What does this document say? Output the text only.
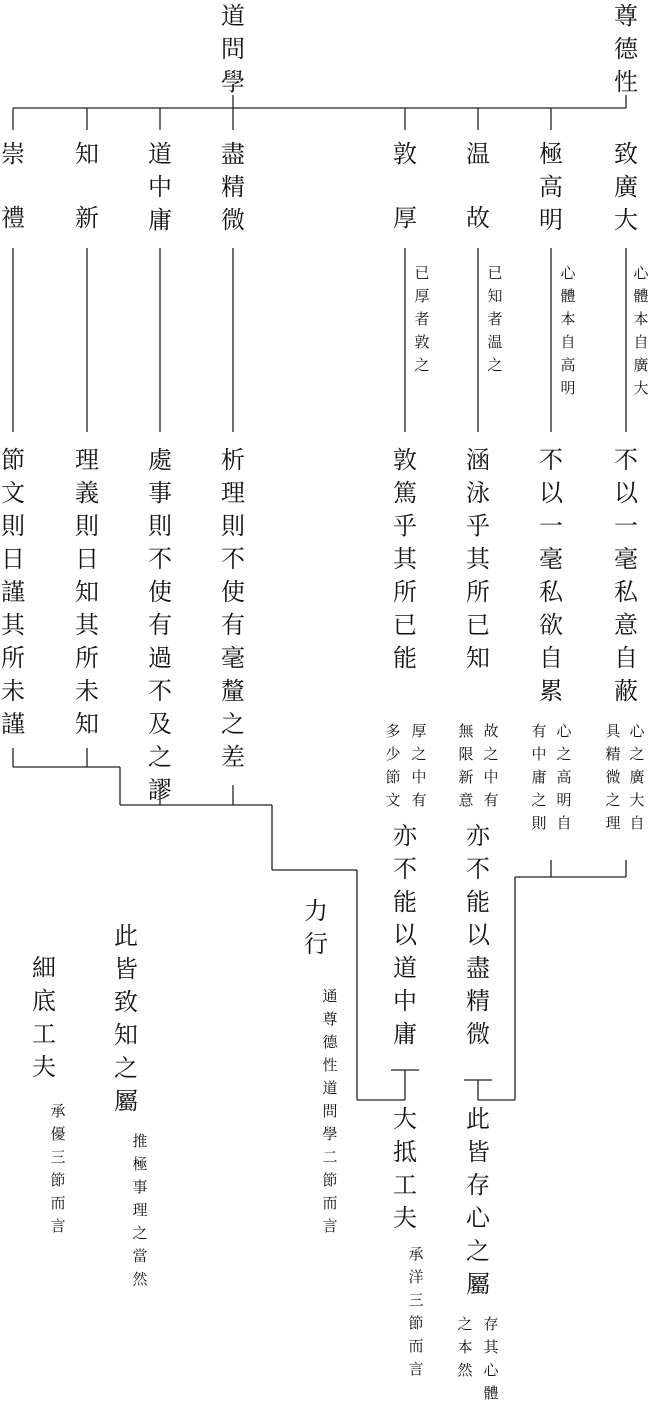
尊
德
性
道
問
學
致
廣
大
極
高
明
温
故
敦
厚
盡
精
微
道
中
庸
知
新
崇
禮
心
體
本
自
廣
大
心
體
本
自
高
明
已
知
者
温
之
已
厚
者
敦
之
不
以
一
毫
私
意
自
蔽
不
以
一
毫
私
欲
自
累
涵
泳
乎
其
所
已
知
敦
篤
乎
其
所
已
能
析
理
則
不
使
有
毫
釐
之
差
處
事
則
不
使
有
過
不
及
之
謬
理
義
則
日
知
其
所
未
知
節
文
則
日
謹
其
所
未
謹	心
之
廣
大
自
具
精
微
之
理
心
之
高
明
自
有
中
庸
之
則
故
之
中
有
無
限
新
意
厚
之
中
有
多
少
節
文
亦
不
能
以
盡
精
微
亦
不
能
以
道
中
庸
力
行
通
尊
德
性
道
問
學
二
節
而
言
此
皆
存
心
之
屬
大
抵
工
夫
存
其
心
體
之
本
然
承
洋
三
節
而
言
此
皆
致
知
之
屬
細
底
工
夫
推
極
事
理
之
當
然
承
優
三
節
而
言
